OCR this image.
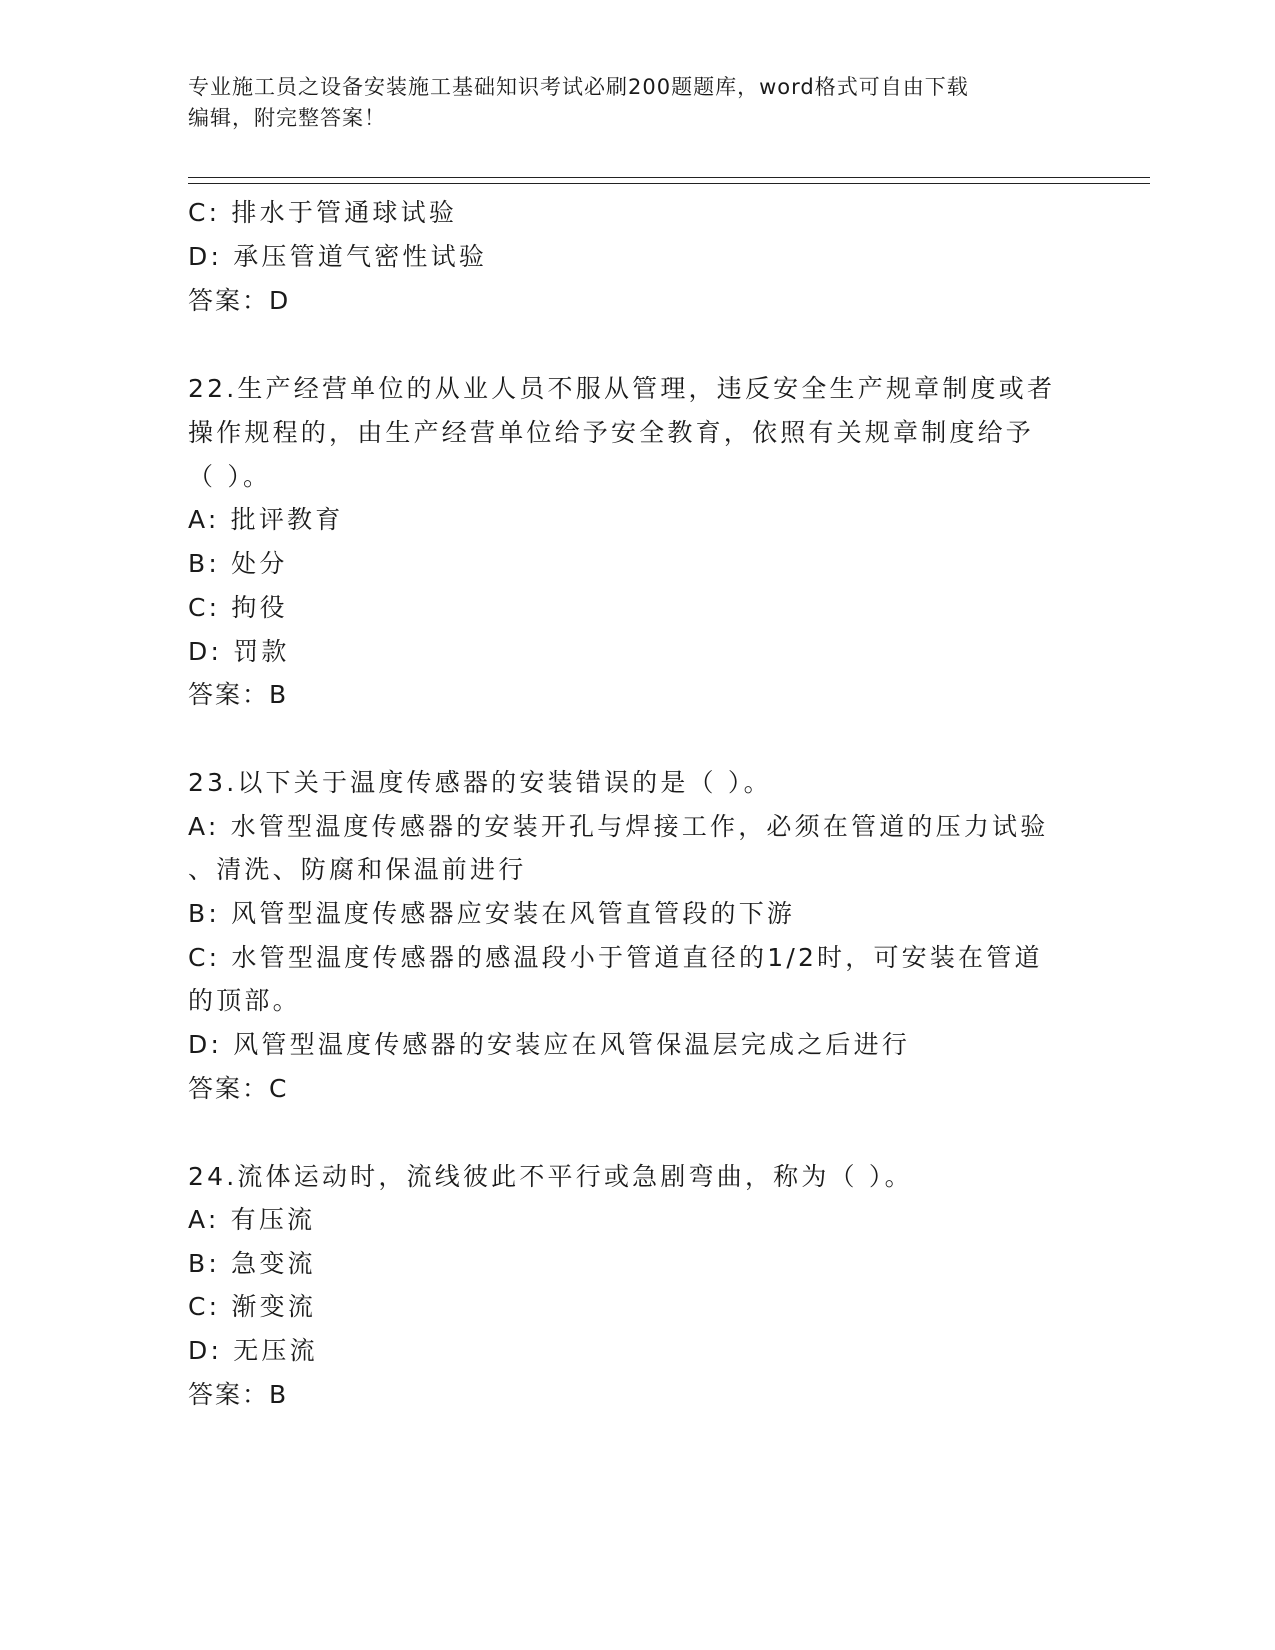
专业施工员之设备安装施工基础知识考试必刷200题题库，word格式可自由下载
编辑，附完整答案！
C: 排水于管通球试验
D: 承压管道气密性试验
答案：D
22.生产经营单位的从业人员不服从管理，违反安全生产规章制度或者
操作规程的，由生产经营单位给予安全教育，依照有关规章制度给予
（ ）。
A: 批评教育
B: 处分
C: 拘役
D: 罚款
答案：B
23.以下关于温度传感器的安装错误的是（ ）。
A: 水管型温度传感器的安装开孔与焊接工作，必须在管道的压力试验
、清洗、防腐和保温前进行
B: 风管型温度传感器应安装在风管直管段的下游
C: 水管型温度传感器的感温段小于管道直径的1/2时，可安装在管道
的顶部。
D: 风管型温度传感器的安装应在风管保温层完成之后进行
答案：C
24.流体运动时，流线彼此不平行或急剧弯曲，称为（ ）。
A: 有压流
B: 急变流
C: 渐变流
D: 无压流
答案：B
